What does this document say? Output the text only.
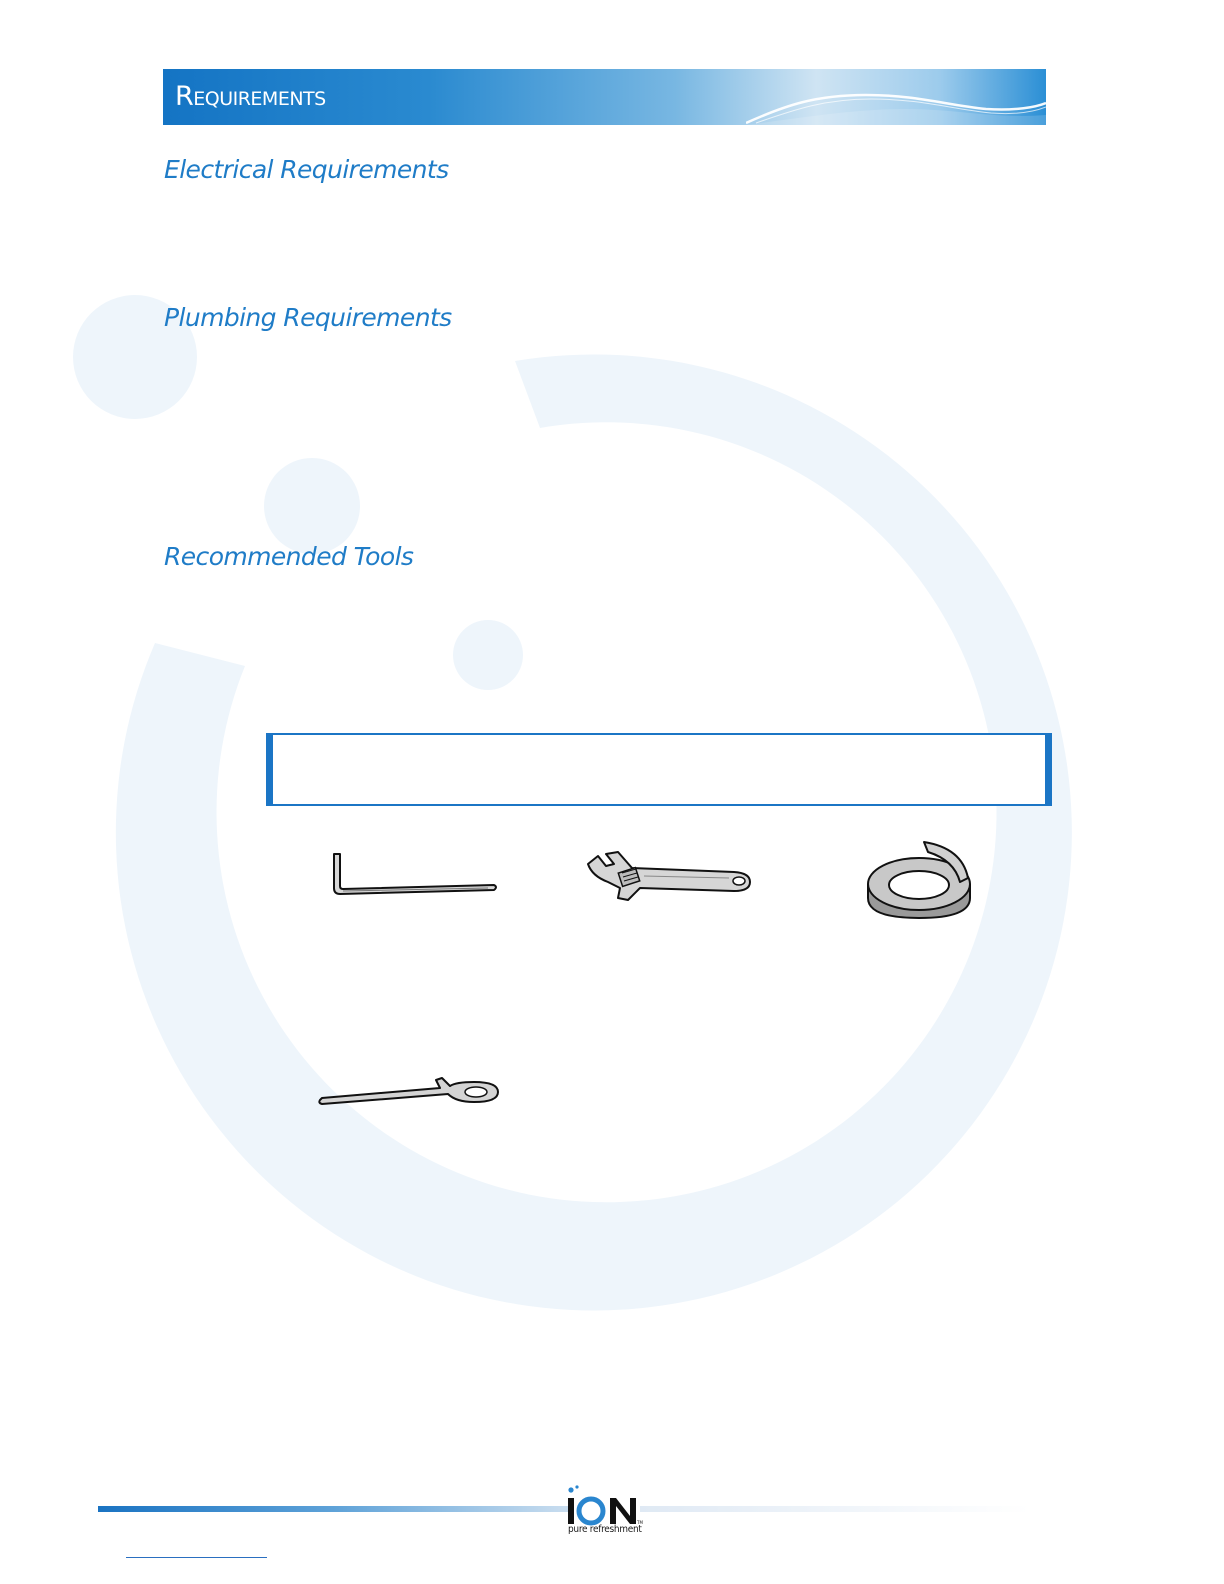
Requirements
Electrical Requirements
Plumbing Requirements
Recommended Tools
TM
pure refreshment
